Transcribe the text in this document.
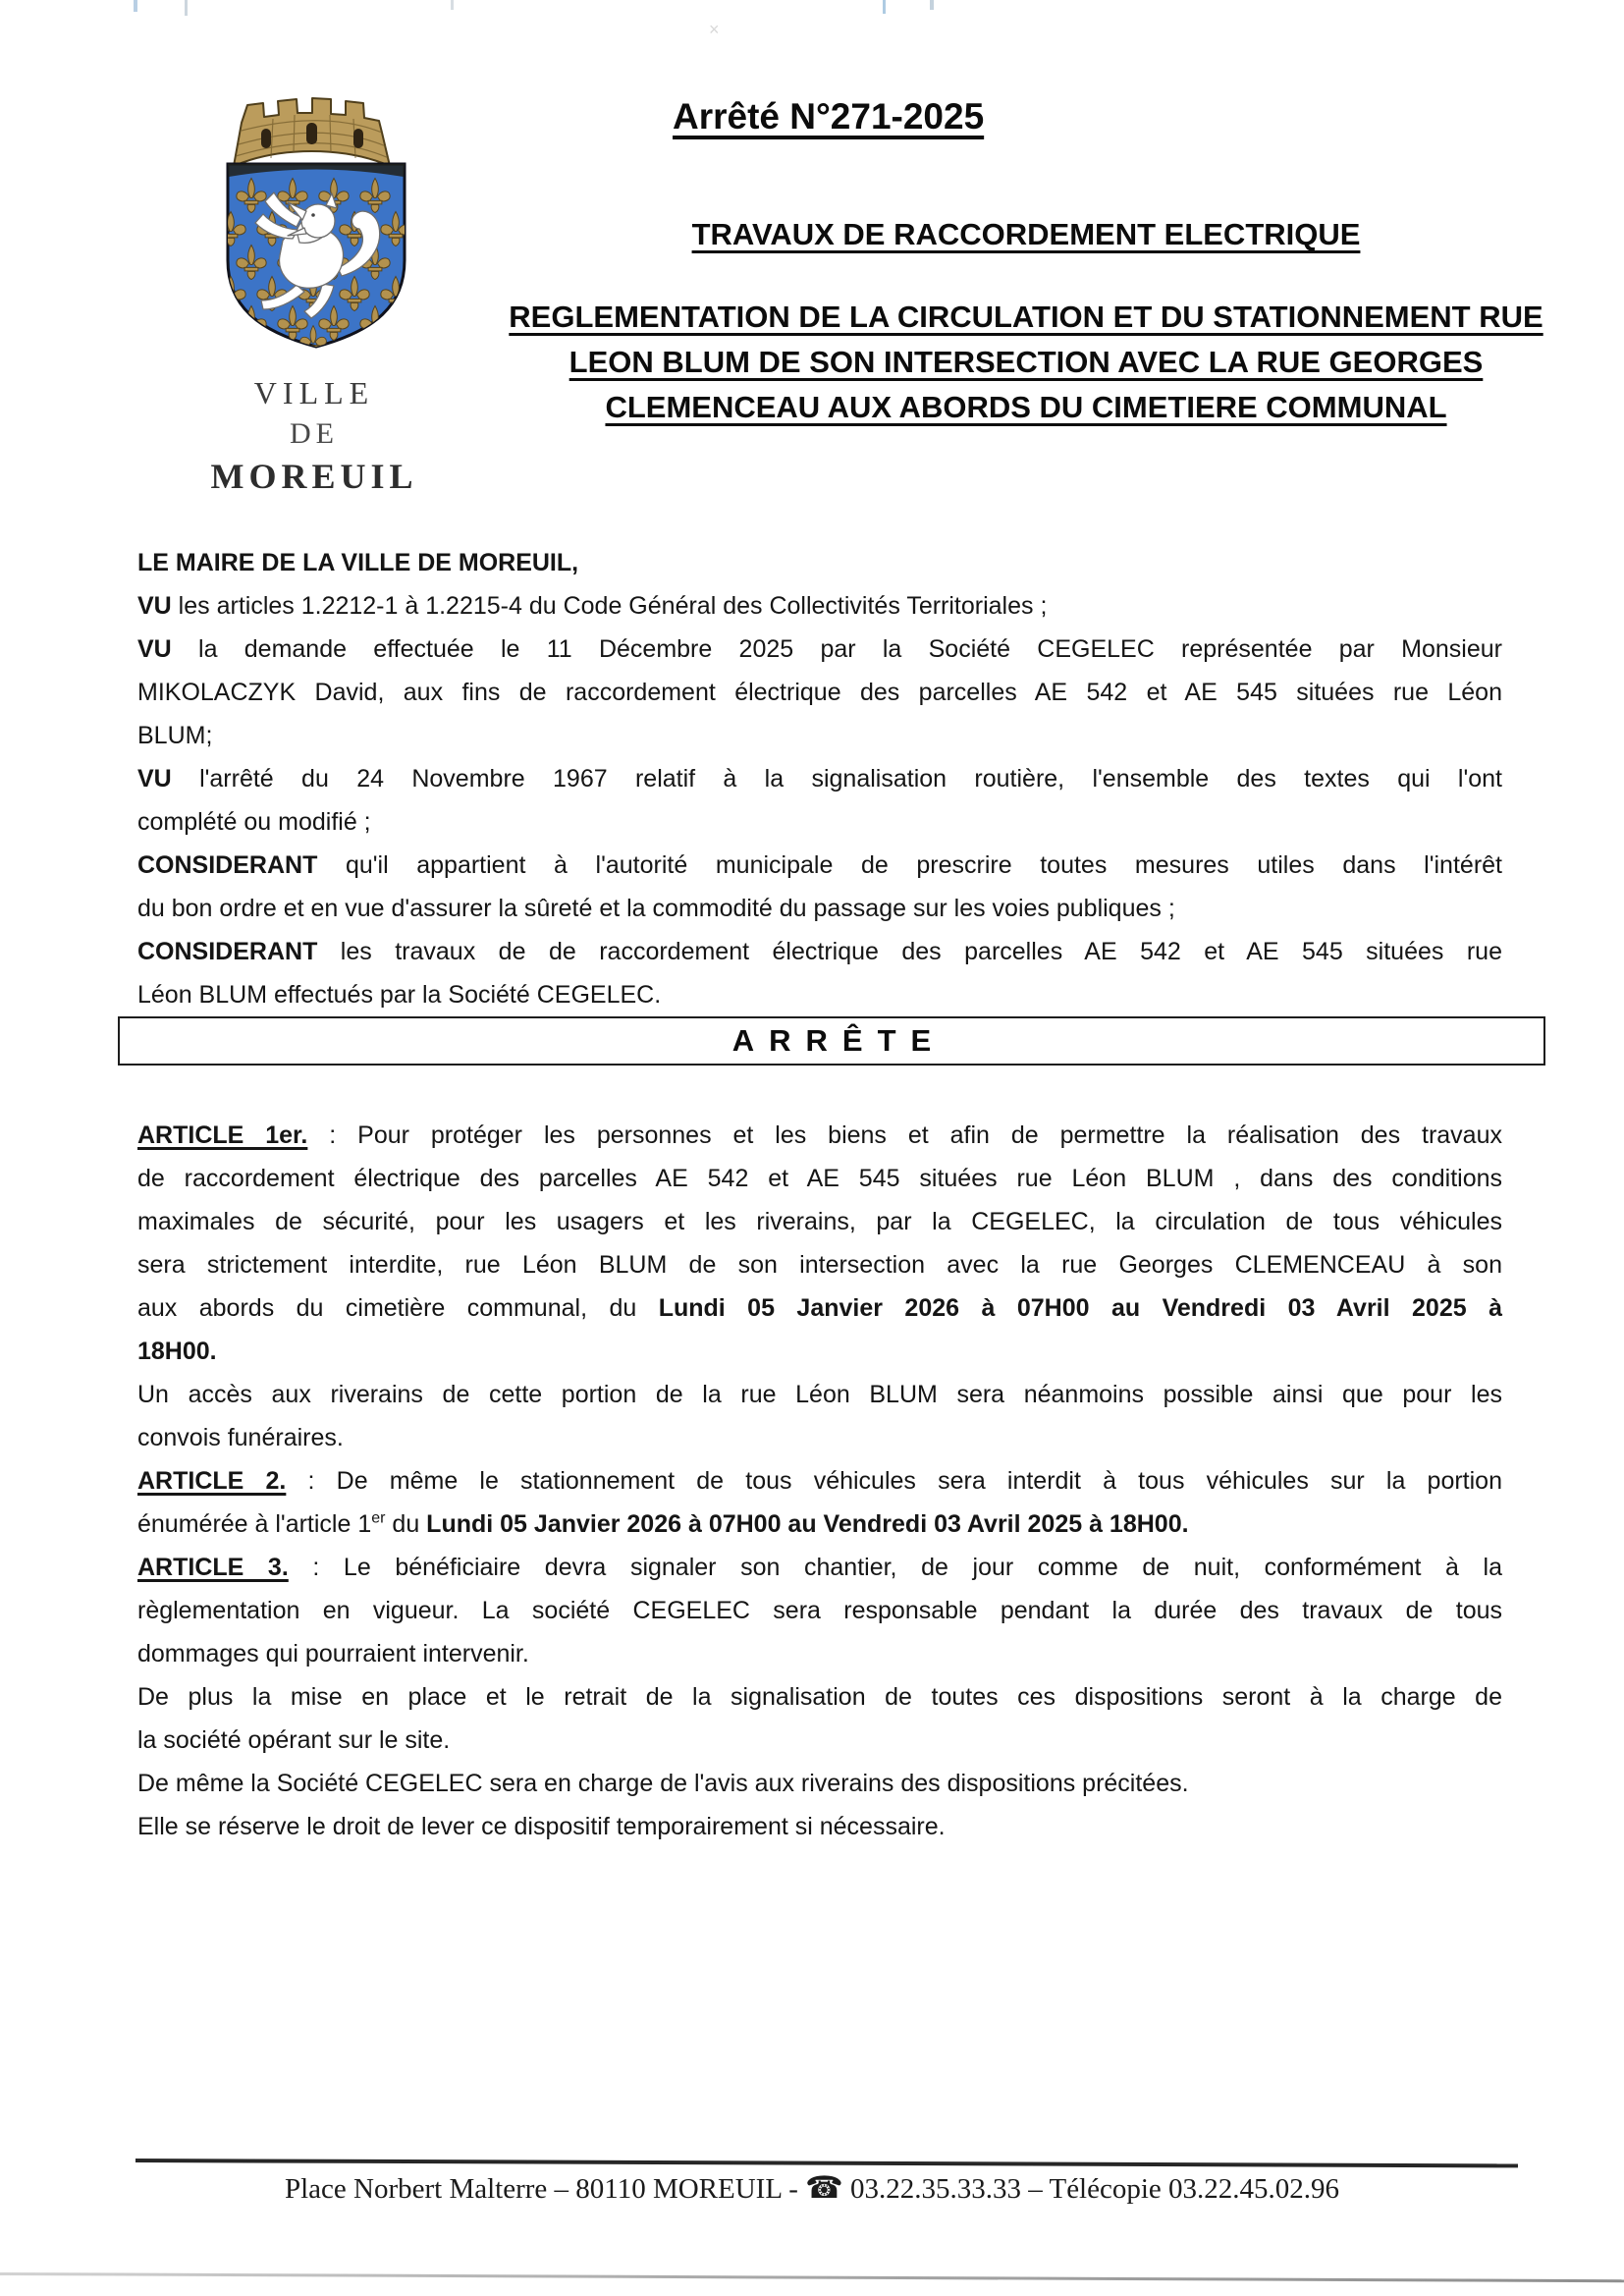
×
VILLE
DE
MOREUIL
Arrêté N°271-2025
TRAVAUX DE RACCORDEMENT ELECTRIQUE
REGLEMENTATION DE LA CIRCULATION ET DU STATIONNEMENT RUE
LEON BLUM DE SON INTERSECTION AVEC LA RUE GEORGES
CLEMENCEAU AUX ABORDS DU CIMETIERE COMMUNAL
LE MAIRE DE LA VILLE DE MOREUIL,
VU les articles 1.2212-1 à 1.2215-4 du Code Général des Collectivités Territoriales ;
VU la demande effectuée le 11 Décembre 2025 par la Société CEGELEC représentée par Monsieur
MIKOLACZYK David, aux fins de raccordement électrique des parcelles AE 542 et AE 545 situées rue Léon
BLUM;
VU l'arrêté du 24 Novembre 1967 relatif à la signalisation routière, l'ensemble des textes qui l'ont
complété ou modifié ;
CONSIDERANT qu'il appartient à l'autorité municipale de prescrire toutes mesures utiles dans l'intérêt
du bon ordre et en vue d'assurer la sûreté et la commodité du passage sur les voies publiques ;
CONSIDERANT les travaux de de raccordement électrique des parcelles AE 542 et AE 545 situées rue
Léon BLUM effectués par la Société CEGELEC.
ARRÊTE
ARTICLE 1er. : Pour protéger les personnes et les biens et afin de permettre la réalisation des travaux
de raccordement électrique des parcelles AE 542 et AE 545 situées rue Léon BLUM , dans des conditions
maximales de sécurité, pour les usagers et les riverains, par la CEGELEC, la circulation de tous véhicules
sera strictement interdite, rue Léon BLUM de son intersection avec la rue Georges CLEMENCEAU à son
aux abords du cimetière communal, du Lundi 05 Janvier 2026 à 07H00 au Vendredi 03 Avril 2025 à
18H00.
Un accès aux riverains de cette portion de la rue Léon BLUM sera néanmoins possible ainsi que pour les
convois funéraires.
ARTICLE 2. : De même le stationnement de tous véhicules sera interdit à tous véhicules sur la portion
énumérée à l'article 1er du Lundi 05 Janvier 2026 à 07H00 au Vendredi 03 Avril 2025 à 18H00.
ARTICLE 3. : Le bénéficiaire devra signaler son chantier, de jour comme de nuit, conformément à la
règlementation en vigueur. La société CEGELEC sera responsable pendant la durée des travaux de tous
dommages qui pourraient intervenir.
De plus la mise en place et le retrait de la signalisation de toutes ces dispositions seront à la charge de
la société opérant sur le site.
De même la Société CEGELEC sera en charge de l'avis aux riverains des dispositions précitées.
Elle se réserve le droit de lever ce dispositif temporairement si nécessaire.
Place Norbert Malterre – 80110 MOREUIL - ☎ 03.22.35.33.33 – Télécopie 03.22.45.02.96
